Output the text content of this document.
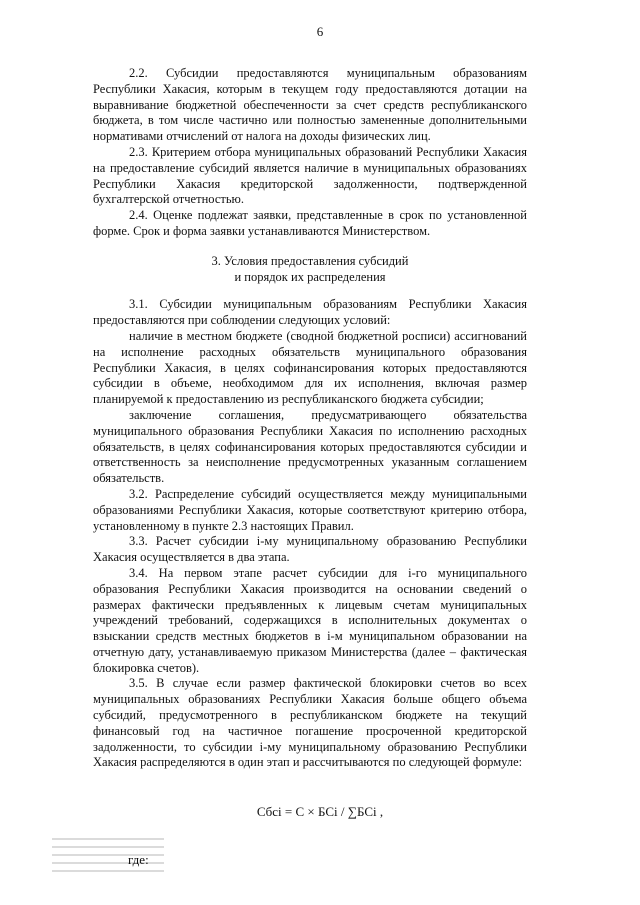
6

2.2. Субсидии предоставляются муниципальным образованиям Республики Хакасия, которым в текущем году предоставляются дотации на выравнивание бюджетной обеспеченности за счет средств республиканского бюджета, в том числе частично или полностью замененные дополнительными нормативами отчислений от налога на доходы физических лиц.

2.3. Критерием отбора муниципальных образований Республики Хакасия на предоставление субсидий является наличие в муниципальных образованиях Республики Хакасия кредиторской задолженности, подтвержденной бухгалтерской отчетностью.

2.4. Оценке подлежат заявки, представленные в срок по установленной форме. Срок и форма заявки устанавливаются Министерством.

3. Условия предоставления субсидий
и порядок их распределения

3.1. Субсидии муниципальным образованиям Республики Хакасия предоставляются при соблюдении следующих условий:

наличие в местном бюджете (сводной бюджетной росписи) ассигнований на исполнение расходных обязательств муниципального образования Республики Хакасия, в целях софинансирования которых предоставляются субсидии в объеме, необходимом для их исполнения, включая размер планируемой к предоставлению из республиканского бюджета субсидии;

заключение соглашения, предусматривающего обязательства муниципального образования Республики Хакасия по исполнению расходных обязательств, в целях софинансирования которых предоставляются субсидии и ответственность за неисполнение предусмотренных указанным соглашением обязательств.

3.2. Распределение субсидий осуществляется между муниципальными образованиями Республики Хакасия, которые соответствуют критерию отбора, установленному в пункте 2.3 настоящих Правил.

3.3. Расчет субсидии i-му муниципальному образованию Республики Хакасия осуществляется в два этапа.

3.4. На первом этапе расчет субсидии для i-го муниципального образования Республики Хакасия производится на основании сведений о размерах фактически предъявленных к лицевым счетам муниципальных учреждений требований, содержащихся в исполнительных документах о взыскании средств местных бюджетов в i-м муниципальном образовании на отчетную дату, устанавливаемую приказом Министерства (далее – фактическая блокировка счетов).

3.5. В случае если размер фактической блокировки счетов во всех муниципальных образованиях Республики Хакасия больше общего объема субсидий, предусмотренного в республиканском бюджете на текущий финансовый год на частичное погашение просроченной кредиторской задолженности, то субсидии i-му муниципальному образованию Республики Хакасия распределяются в один этап и рассчитываются по следующей формуле:

Сбсi = С × БСi / ∑БСi ,
где:
